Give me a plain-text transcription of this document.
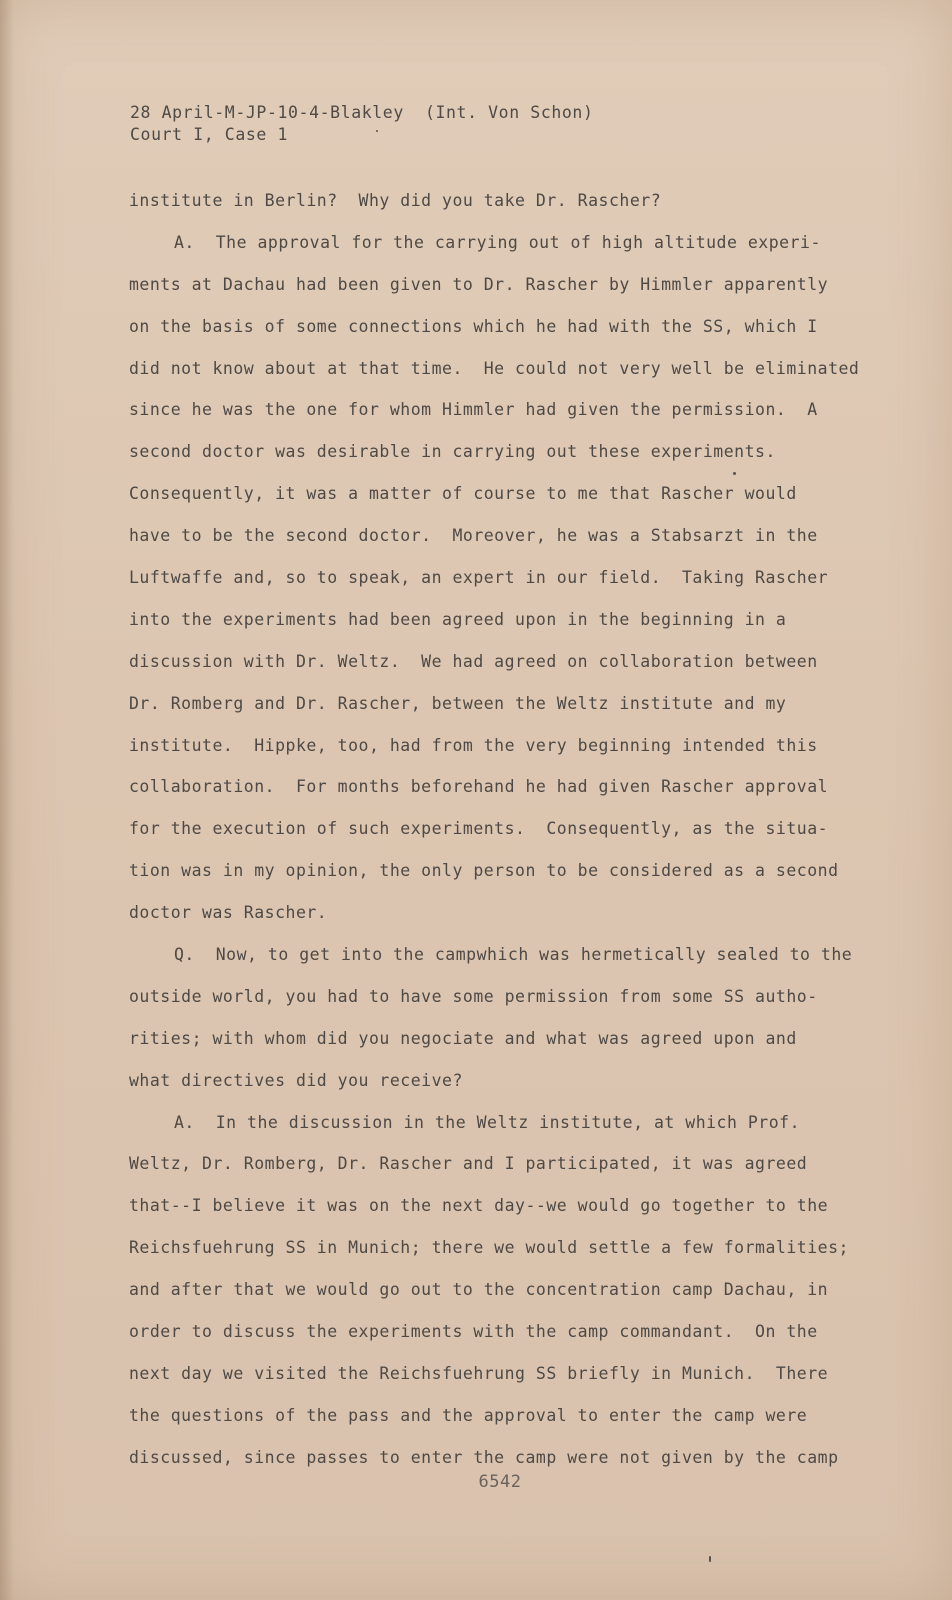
28 April-M-JP-10-4-Blakley  (Int. Von Schon)
Court I, Case 1
institute in Berlin?  Why did you take Dr. Rascher?
A.  The approval for the carrying out of high altitude experi-
ments at Dachau had been given to Dr. Rascher by Himmler apparently
on the basis of some connections which he had with the SS, which I
did not know about at that time.  He could not very well be eliminated
since he was the one for whom Himmler had given the permission.  A
second doctor was desirable in carrying out these experiments.
Consequently, it was a matter of course to me that Rascher would
have to be the second doctor.  Moreover, he was a Stabsarzt in the
Luftwaffe and, so to speak, an expert in our field.  Taking Rascher
into the experiments had been agreed upon in the beginning in a
discussion with Dr. Weltz.  We had agreed on collaboration between
Dr. Romberg and Dr. Rascher, between the Weltz institute and my
institute.  Hippke, too, had from the very beginning intended this
collaboration.  For months beforehand he had given Rascher approval
for the execution of such experiments.  Consequently, as the situa-
tion was in my opinion, the only person to be considered as a second
doctor was Rascher.
Q.  Now, to get into the campwhich was hermetically sealed to the
outside world, you had to have some permission from some SS autho-
rities; with whom did you negociate and what was agreed upon and
what directives did you receive?
A.  In the discussion in the Weltz institute, at which Prof.
Weltz, Dr. Romberg, Dr. Rascher and I participated, it was agreed
that--I believe it was on the next day--we would go together to the
Reichsfuehrung SS in Munich; there we would settle a few formalities;
and after that we would go out to the concentration camp Dachau, in
order to discuss the experiments with the camp commandant.  On the
next day we visited the Reichsfuehrung SS briefly in Munich.  There
the questions of the pass and the approval to enter the camp were
discussed, since passes to enter the camp were not given by the camp
6542
